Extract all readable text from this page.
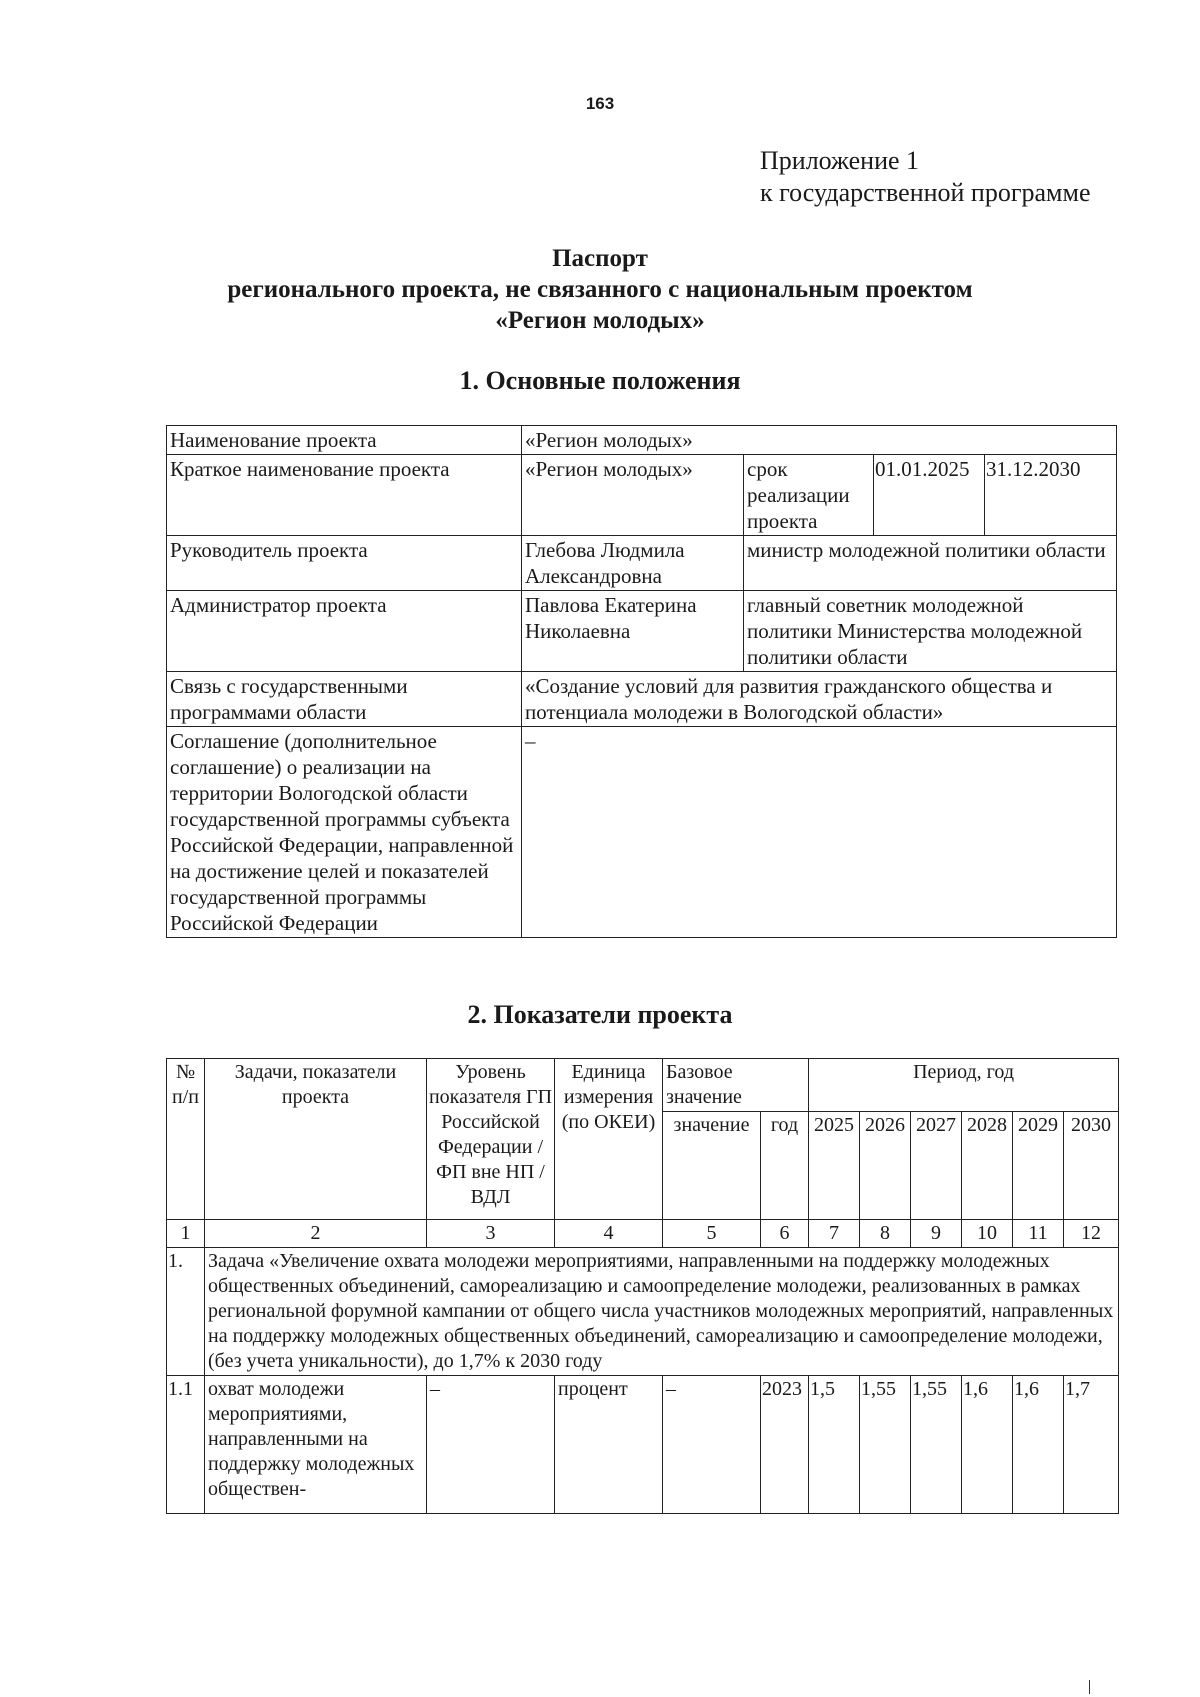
163
Приложение 1
к государственной программе
Паспорт
регионального проекта, не связанного с национальным проектом
«Регион молодых»
1. Основные положения
Наименование проекта	«Регион молодых»			
Краткое наименование проекта	«Регион молодых»	срок реализации проекта	01.01.2025	31.12.2030
Руководитель проекта	Глебова Людмила Александровна	министр молодежной политики области		
Администратор проекта	Павлова Екатерина Николаевна	главный советник молодежной политики Министерства молодежной политики области		
Связь с государственными программами области	«Создание условий для развития гражданского общества и потенциала молодежи в Вологодской области»			
Соглашение (дополнительное соглашение) о реализации на территории Вологодской области государственной программы субъекта Российской Федерации, направленной на достижение целей и показателей государственной программы Российской Федерации	–			
2. Показатели проекта
№ п/п	Задачи, показатели проекта	Уровень показателя ГП Российской Федерации / ФП вне НП / ВДЛ	Единица измерения (по ОКЕИ)	Базовое значение		Период, год					
				значение	год	2025	2026	2027	2028	2029	2030
1	2	3	4	5	6	7	8	9	10	11	12
1.	Задача «Увеличение охвата молодежи мероприятиями, направленными на поддержку молодежных общественных объединений, самореализацию и самоопределение молодежи, реализованных в рамках региональной форумной кампании от общего числа участников молодежных мероприятий, направленных на поддержку молодежных общественных объединений, самореализацию и самоопределение молодежи, (без учета уникальности), до 1,7% к 2030 году										
1.1	охват молодежи мероприятиями, направленными на поддержку молодежных обществен-	–	процент	–	2023	1,5	1,55	1,55	1,6	1,6	1,7
